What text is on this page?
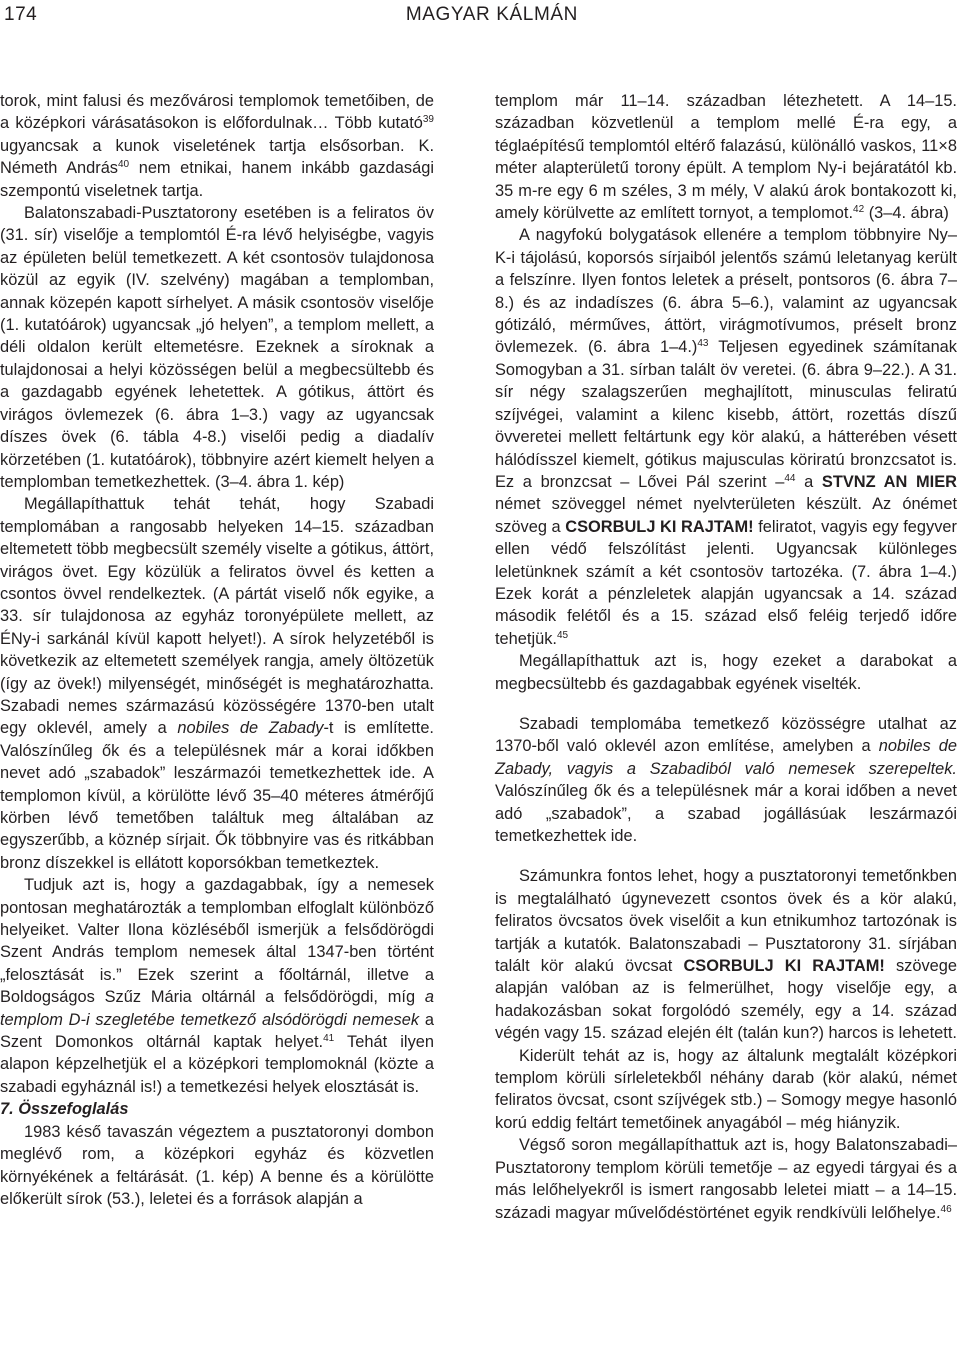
174	MAGYAR KÁLMÁN

torok, mint falusi és mezővárosi templomok temetőiben, de a középkori várásatásokon is előfordulnak… Több kutató$^{39}$ ugyancsak a kunok viseletének tartja elsősorban. K. Németh András$^{40}$ nem etnikai, hanem inkább gazdasági szempontú viseletnek tartja.

Balatonszabadi-Pusztatorony esetében is a feliratos öv (31. sír) viselője a templomtól É-ra lévő helyiségbe, vagyis az épületen belül temetkezett. A két csontosöv tulajdonosa közül az egyik (IV. szelvény) magában a templomban, annak közepén kapott sírhelyet. A másik csontosöv viselője (1. kutatóárok) ugyancsak „jó helyen”, a templom mellett, a déli oldalon került eltemetésre. Ezeknek a síroknak a tulajdonosai a helyi közösségen belül a megbecsültebb és a gazdagabb egyének lehetettek. A gótikus, áttört és virágos övlemezek (6. ábra 1–3.) vagy az ugyancsak díszes övek (6. tábla 4-8.) viselői pedig a diadalív körzetében (1. kutatóárok), többnyire azért kiemelt helyen a templomban temetkezhettek. (3–4. ábra 1. kép)

Megállapíthattuk tehát tehát, hogy Szabadi templomában a rangosabb helyeken 14–15. században eltemetett több megbecsült személy viselte a gótikus, áttört, virágos övet. Egy közülük a feliratos övvel és ketten a csontos övvel rendelkeztek. (A pártát viselő nők egyike, a 33. sír tulajdonosa az egyház toronyépülete mellett, az ÉNy-i sarkánál kívül kapott helyet!). A sírok helyzetéből is következik az eltemetett személyek rangja, amely öltözetük (így az övek!) milyenségét, minőségét is meghatározhatta. Szabadi nemes származású közösségére 1370-ben utalt egy oklevél, amely a nobiles de Zabady-t is említette. Valószínűleg ők és a településnek már a korai időkben nevet adó „szabadok” leszármazói temetkezhettek ide. A templomon kívül, a körülötte lévő 35–40 méteres átmérőjű körben lévő temetőben találtuk meg általában az egyszerűbb, a köznép sírjait. Ők többnyire vas és ritkábban bronz díszekkel is ellátott koporsókban temetkeztek.

Tudjuk azt is, hogy a gazdagabbak, így a nemesek pontosan meghatározták a templomban elfoglalt különböző helyeiket. Valter Ilona közléséből ismerjük a felsődörögdi Szent András templom nemesek által 1347-ben történt „felosztását is.” Ezek szerint a főoltárnál, illetve a Boldogságos Szűz Mária oltárnál a felsődörögdi, míg a templom D-i szegletébe temetkező alsódörögdi nemesek a Szent Domonkos oltárnál kaptak helyet.$^{41}$ Tehát ilyen alapon képzelhetjük el a középkori templomoknál (közte a szabadi egyháznál is!) a temetkezési helyek elosztását is.

7. Összefoglalás

1983 késő tavaszán végeztem a pusztatoronyi dombon meglévő rom, a középkori egyház és közvetlen környékének a feltárását. (1. kép) A benne és a körülötte előkerült sírok (53.), leletei és a források alapján a

templom már 11–14. században létezhetett. A 14–15. században közvetlenül a templom mellé É-ra egy, a téglaépítésű templomtól eltérő falazású, különálló vaskos, 11×8 méter alapterületű torony épült. A templom Ny-i bejáratától kb. 35 m-re egy 6 m széles, 3 m mély, V alakú árok bontakozott ki, amely körülvette az említett tornyot, a templomot.$^{42}$ (3–4. ábra)

A nagyfokú bolygatások ellenére a templom többnyire Ny–K-i tájolású, koporsós sírjaiból jelentős számú leletanyag került a felszínre. Ilyen fontos leletek a préselt, pontsoros (6. ábra 7–8.) és az indadíszes (6. ábra 5–6.), valamint az ugyancsak gótizáló, mérműves, áttört, virágmotívumos, préselt bronz övlemezek. (6. ábra 1–4.)$^{43}$ Teljesen egyedinek számítanak Somogyban a 31. sírban talált öv veretei. (6. ábra 9–22.). A 31. sír négy szalagszerűen meghajlított, minusculas feliratú szíjvégei, valamint a kilenc kisebb, áttört, rozettás díszű övveretei mellett feltártunk egy kör alakú, a hátterében vésett hálódísszel kiemelt, gótikus majusculas köriratú bronzcsatot is. Ez a bronzcsat – Lővei Pál szerint –$^{44}$ a STVNZ AN MIER német szöveggel német nyelvterületen készült. Az ónémet szöveg a CSORBULJ KI RAJTAM! feliratot, vagyis egy fegyver ellen védő felszólítást jelenti. Ugyancsak különleges leletünknek számít a két csontosöv tartozéka. (7. ábra 1–4.) Ezek korát a pénzleletek alapján ugyancsak a 14. század második felétől és a 15. század első feléig terjedő időre tehetjük.$^{45}$

Megállapíthattuk azt is, hogy ezeket a darabokat a megbecsültebb és gazdagabbak egyének viselték.

Szabadi templomába temetkező közösségre utalhat az 1370-ből való oklevél azon említése, amelyben a nobiles de Zabady, vagyis a Szabadiból való nemesek szerepeltek. Valószínűleg ők és a településnek már a korai időben a nevet adó „szabadok”, a szabad jogállásúak leszármazói temetkezhettek ide.

Számunkra fontos lehet, hogy a pusztatoronyi temetőnkben is megtalálható úgynevezett csontos övek és a kör alakú, feliratos övcsatos övek viselőit a kun etnikumhoz tartozónak is tartják a kutatók. Balatonszabadi – Pusztatorony 31. sírjában talált kör alakú övcsat CSORBULJ KI RAJTAM! szövege alapján valóban az is felmerülhet, hogy viselője egy, a hadakozásban sokat forgolódó személy, egy a 14. század végén vagy 15. század elején élt (talán kun?) harcos is lehetett.

Kiderült tehát az is, hogy az általunk megtalált középkori templom körüli sírleletekből néhány darab (kör alakú, német feliratos övcsat, csont szíjvégek stb.) – Somogy megye hasonló korú eddig feltárt temetőinek anyagából – még hiányzik.

Végső soron megállapíthattuk azt is, hogy Balatonszabadi–Pusztatorony templom körüli temetője – az egyedi tárgyai és a más lelőhelyekről is ismert rangosabb leletei miatt – a 14–15. századi magyar művelődéstörténet egyik rendkívüli lelőhelye.$^{46}$
